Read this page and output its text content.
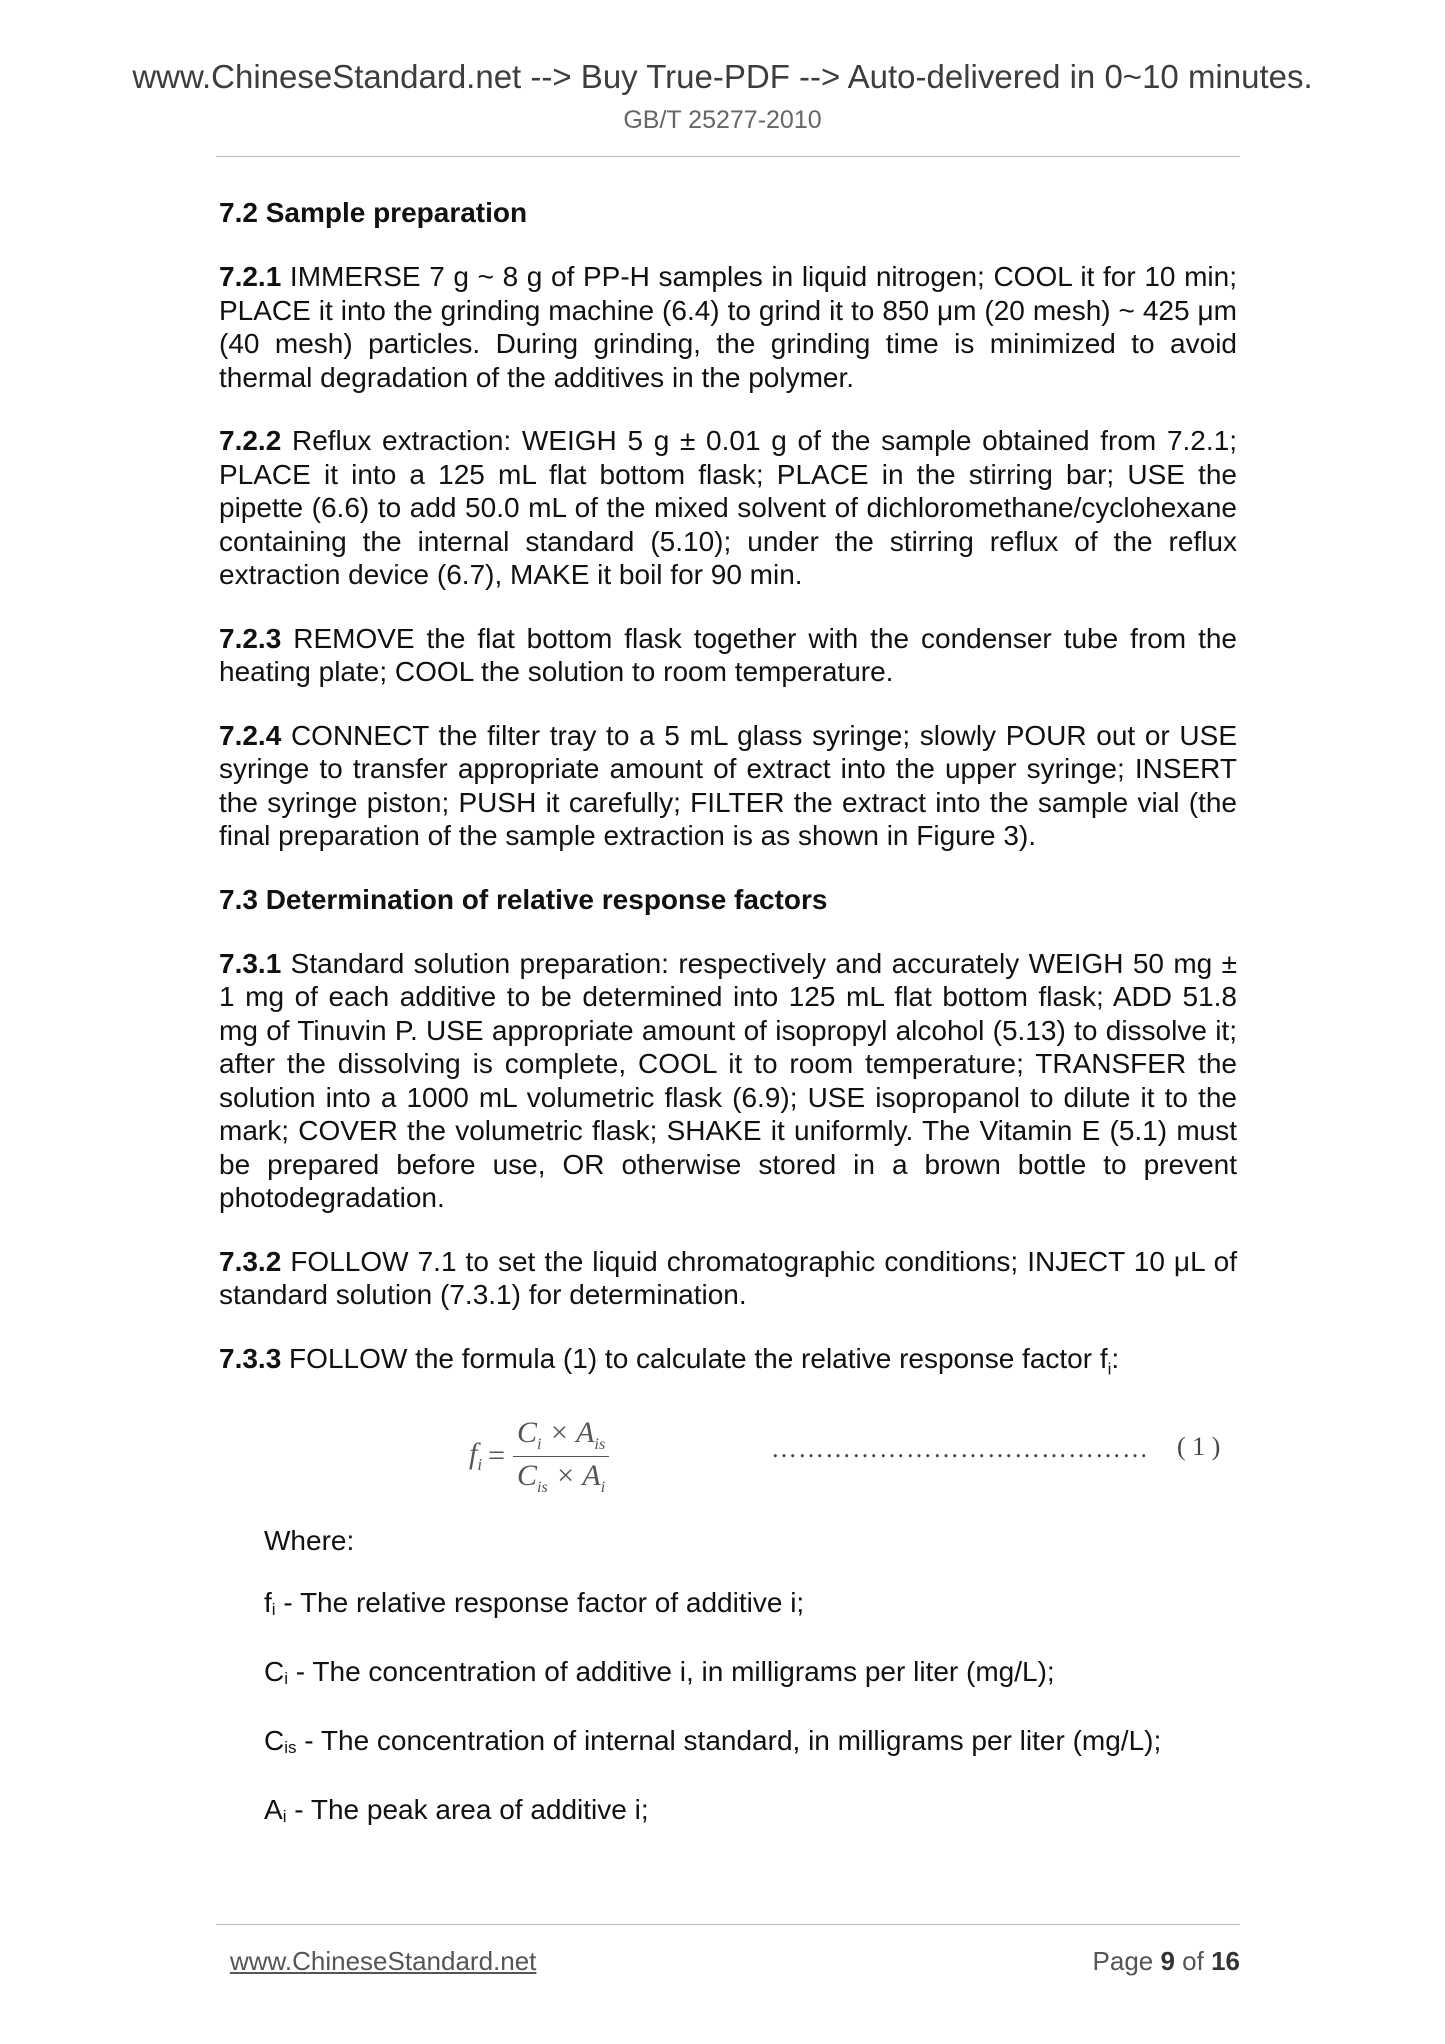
www.ChineseStandard.net --> Buy True-PDF --> Auto-delivered in 0~10 minutes.
GB/T 25277-2010
7.2 Sample preparation
7.2.1 IMMERSE 7 g ~ 8 g of PP-H samples in liquid nitrogen; COOL it for 10 min; PLACE it into the grinding machine (6.4) to grind it to 850 μm (20 mesh) ~ 425 μm (40 mesh) particles. During grinding, the grinding time is minimized to avoid thermal degradation of the additives in the polymer.
7.2.2 Reflux extraction: WEIGH 5 g ± 0.01 g of the sample obtained from 7.2.1; PLACE it into a 125 mL flat bottom flask; PLACE in the stirring bar; USE the pipette (6.6) to add 50.0 mL of the mixed solvent of dichloromethane/cyclohexane containing the internal standard (5.10); under the stirring reflux of the reflux extraction device (6.7), MAKE it boil for 90 min.
7.2.3 REMOVE the flat bottom flask together with the condenser tube from the heating plate; COOL the solution to room temperature.
7.2.4 CONNECT the filter tray to a 5 mL glass syringe; slowly POUR out or USE syringe to transfer appropriate amount of extract into the upper syringe; INSERT the syringe piston; PUSH it carefully; FILTER the extract into the sample vial (the final preparation of the sample extraction is as shown in Figure 3).
7.3 Determination of relative response factors
7.3.1 Standard solution preparation: respectively and accurately WEIGH 50 mg ± 1 mg of each additive to be determined into 125 mL flat bottom flask; ADD 51.8 mg of Tinuvin P. USE appropriate amount of isopropyl alcohol (5.13) to dissolve it; after the dissolving is complete, COOL it to room temperature; TRANSFER the solution into a 1000 mL volumetric flask (6.9); USE isopropanol to dilute it to the mark; COVER the volumetric flask; SHAKE it uniformly. The Vitamin E (5.1) must be prepared before use, OR otherwise stored in a brown bottle to prevent photodegradation.
7.3.2 FOLLOW 7.1 to set the liquid chromatographic conditions; INJECT 10 μL of standard solution (7.3.1) for determination.
7.3.3 FOLLOW the formula (1) to calculate the relative response factor $f_i$:
$f_i = \frac{C_i \times A_{is}}{C_{is} \times A_i}$	…………………………………… ( 1 )
Where:
$f_i$ - The relative response factor of additive i;
$C_i$ - The concentration of additive i, in milligrams per liter (mg/L);
$C_{is}$ - The concentration of internal standard, in milligrams per liter (mg/L);
$A_i$ - The peak area of additive i;
www.ChineseStandard.net	Page 9 of 16
